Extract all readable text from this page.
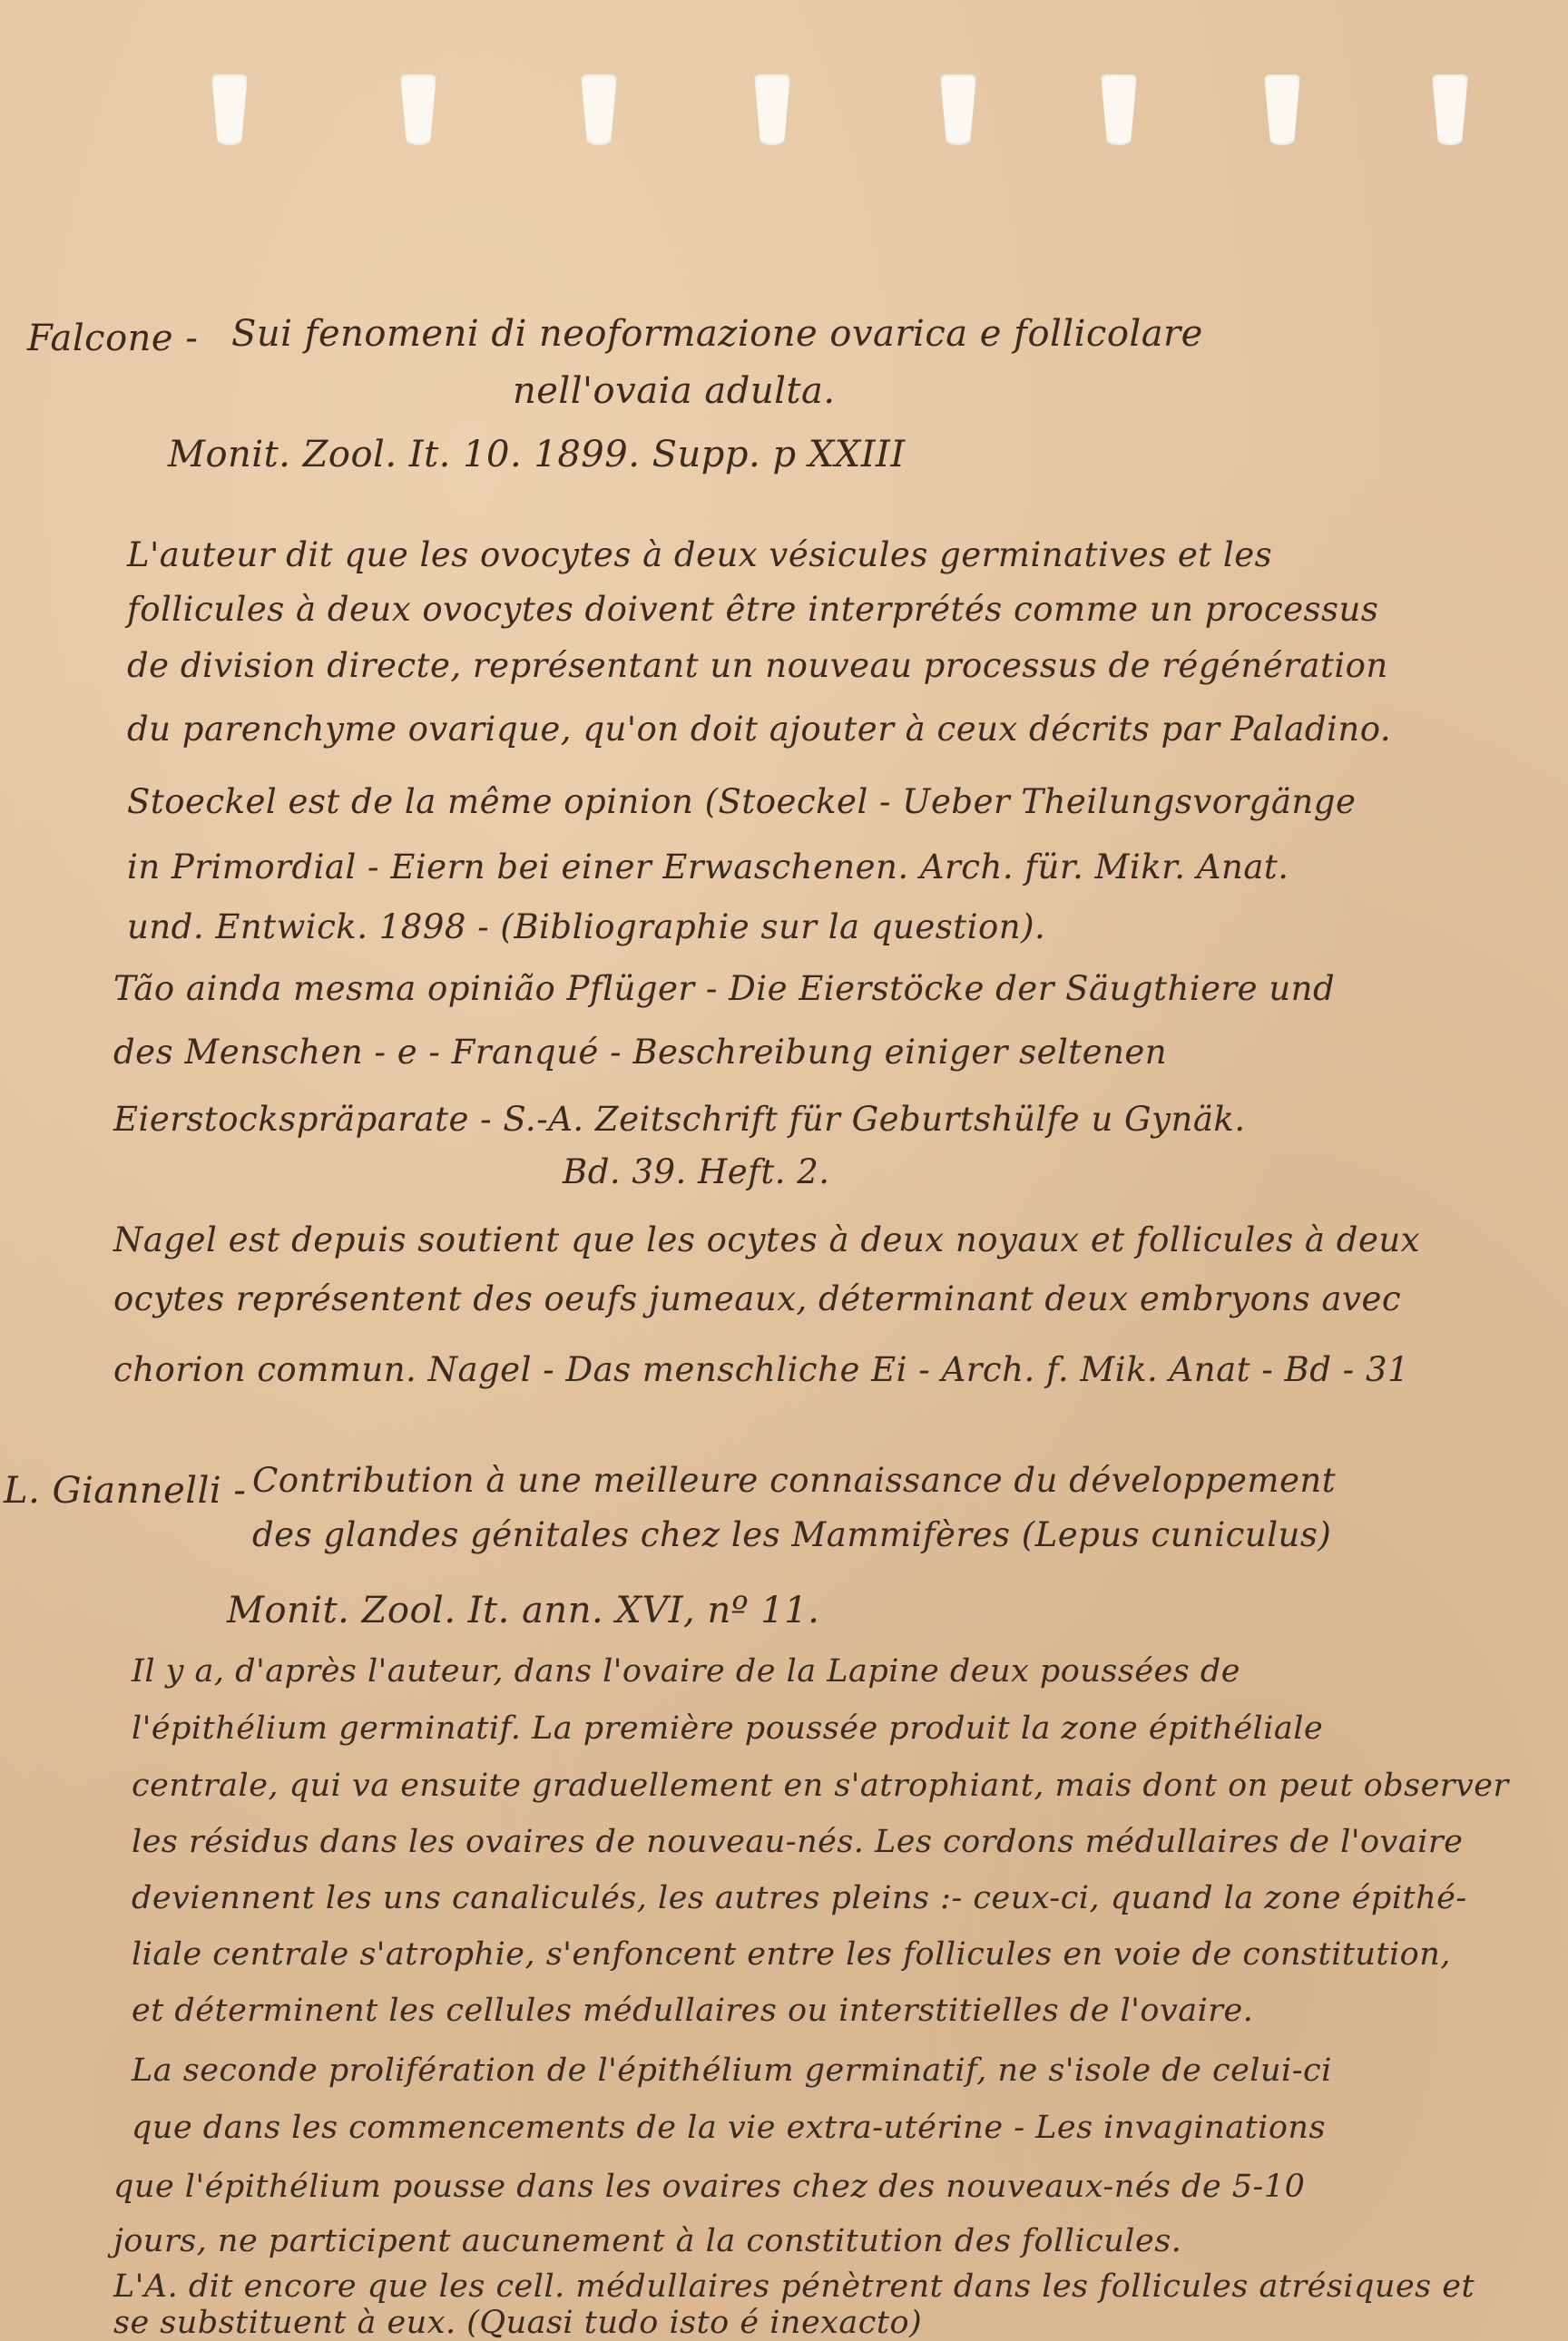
Falcone - Sui fenomeni di neoformazione ovarica e follicolare
nell'ovaia adulta.
Monit. Zool. It. 10. 1899. Supp. p XXIII
L'auteur dit que les ovocytes à deux vésicules germinatives et les
follicules à deux ovocytes doivent être interprétés comme un processus
de division directe, représentant un nouveau processus de régénération
du parenchyme ovarique, qu'on doit ajouter à ceux décrits par Paladino.
Stoeckel est de la même opinion (Stoeckel - Ueber Theilungsvorgänge
in Primordial - Eiern bei einer Erwaschenen. Arch. für. Mikr. Anat.
und. Entwick. 1898 - (Bibliographie sur la question).
Tão ainda mesma opinião Pflüger - Die Eierstöcke der Säugthiere und
des Menschen - e - Franqué - Beschreibung einiger seltenen
Eierstockspräparate - S.-A. Zeitschrift für Geburtshülfe u Gynäk.
Bd. 39. Heft. 2.
Nagel est depuis soutient que les ocytes à deux noyaux et follicules à deux
ocytes représentent des oeufs jumeaux, déterminant deux embryons avec
chorion commun. Nagel - Das menschliche Ei - Arch. f. Mik. Anat - Bd - 31
L. Giannelli - Contribution à une meilleure connaissance du développement
des glandes génitales chez les Mammifères (Lepus cuniculus)
Monit. Zool. It. ann. XVI, nº 11.
Il y a, d'après l'auteur, dans l'ovaire de la Lapine deux poussées de
l'épithélium germinatif. La première poussée produit la zone épithéliale
centrale, qui va ensuite graduellement en s'atrophiant, mais dont on peut observer
les résidus dans les ovaires de nouveau-nés. Les cordons médullaires de l'ovaire
deviennent les uns canaliculés, les autres pleins :- ceux-ci, quand la zone épithé-
liale centrale s'atrophie, s'enfoncent entre les follicules en voie de constitution,
et déterminent les cellules médullaires ou interstitielles de l'ovaire.
La seconde prolifération de l'épithélium germinatif, ne s'isole de celui-ci
que dans les commencements de la vie extra-utérine - Les invaginations
que l'épithélium pousse dans les ovaires chez des nouveaux-nés de 5-10
jours, ne participent aucunement à la constitution des follicules.
L'A. dit encore que les cell. médullaires pénètrent dans les follicules atrésiques et
se substituent à eux. (Quasi tudo isto é inexacto)
